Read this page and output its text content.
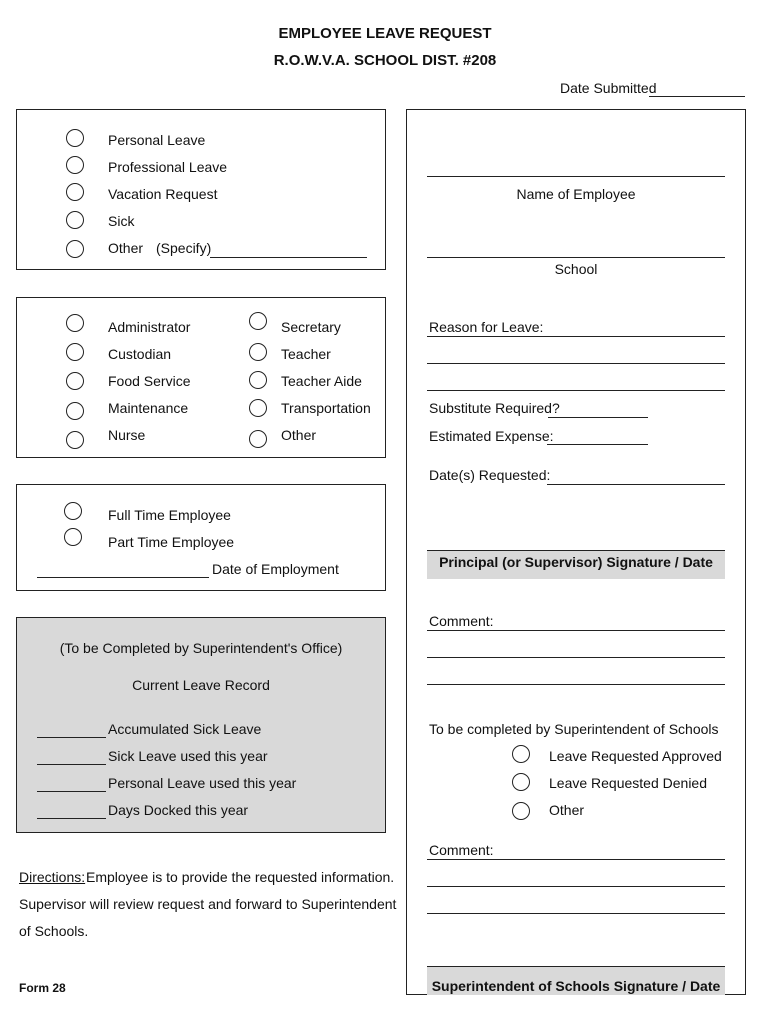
EMPLOYEE LEAVE REQUEST
R.O.W.V.A. SCHOOL DIST. #208
Date Submitted
Personal Leave
Professional Leave
Vacation Request
Sick
Other (Specify)
Administrator
Custodian
Food Service
Maintenance
Nurse
Secretary
Teacher
Teacher Aide
Transportation
Other
Full Time Employee
Part Time Employee
Date of Employment
(To be Completed by Superintendent's Office)
Current Leave Record
Accumulated Sick Leave
Sick Leave used this year
Personal Leave used this year
Days Docked this year
Directions: Employee is to provide the requested information.
Supervisor will review request and forward to Superintendent
of Schools.
Form 28
Name of Employee
School
Reason for Leave:
Substitute Required?
Estimated Expense:
Date(s) Requested:
Principal (or Supervisor) Signature / Date
Comment:
To be completed by Superintendent of Schools
Leave Requested Approved
Leave Requested Denied
Other
Comment:
Superintendent of Schools Signature / Date
